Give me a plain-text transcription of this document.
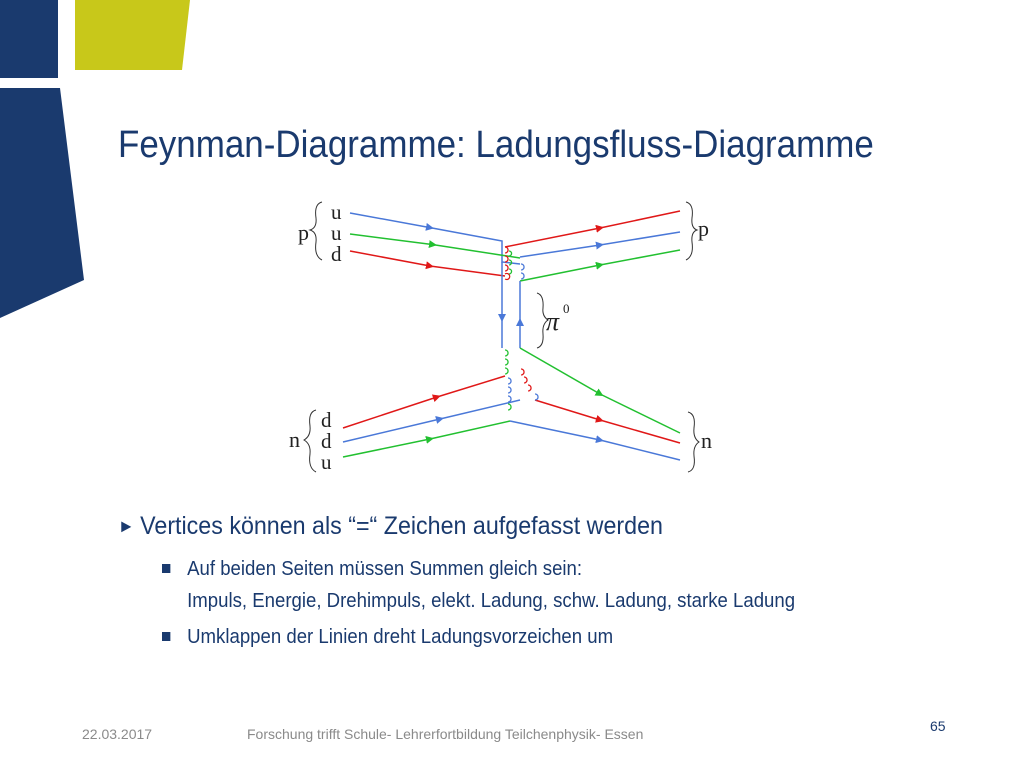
Feynman-Diagramme: Ladungsfluss-Diagramme
p
u
u
d
p
n
d
d
u
n
π 0
► Vertices können als “=“ Zeichen aufgefasst werden
Auf beiden Seiten müssen Summen gleich sein:
Impuls, Energie, Drehimpuls, elekt. Ladung, schw. Ladung, starke Ladung
Umklappen der Linien dreht Ladungsvorzeichen um
22.03.2017	Forschung trifft Schule- Lehrerfortbildung Teilchenphysik- Essen	65
